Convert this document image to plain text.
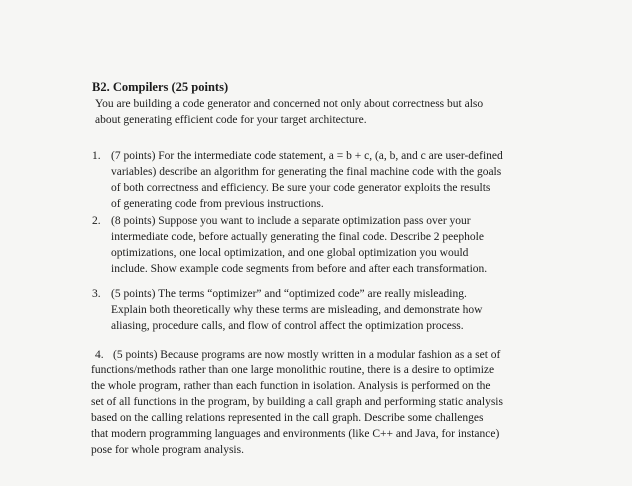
B2. Compilers (25 points)
You are building a code generator and concerned not only about correctness but also
about generating efficient code for your target architecture.
1. (7 points) For the intermediate code statement, a = b + c, (a, b, and c are user-defined
variables) describe an algorithm for generating the final machine code with the goals
of both correctness and efficiency. Be sure your code generator exploits the results
of generating code from previous instructions.
2. (8 points) Suppose you want to include a separate optimization pass over your
intermediate code, before actually generating the final code. Describe 2 peephole
optimizations, one local optimization, and one global optimization you would
include. Show example code segments from before and after each transformation.
3. (5 points) The terms “optimizer” and “optimized code” are really misleading.
Explain both theoretically why these terms are misleading, and demonstrate how
aliasing, procedure calls, and flow of control affect the optimization process.
4. (5 points) Because programs are now mostly written in a modular fashion as a set of
functions/methods rather than one large monolithic routine, there is a desire to optimize
the whole program, rather than each function in isolation. Analysis is performed on the
set of all functions in the program, by building a call graph and performing static analysis
based on the calling relations represented in the call graph. Describe some challenges
that modern programming languages and environments (like C++ and Java, for instance)
pose for whole program analysis.
